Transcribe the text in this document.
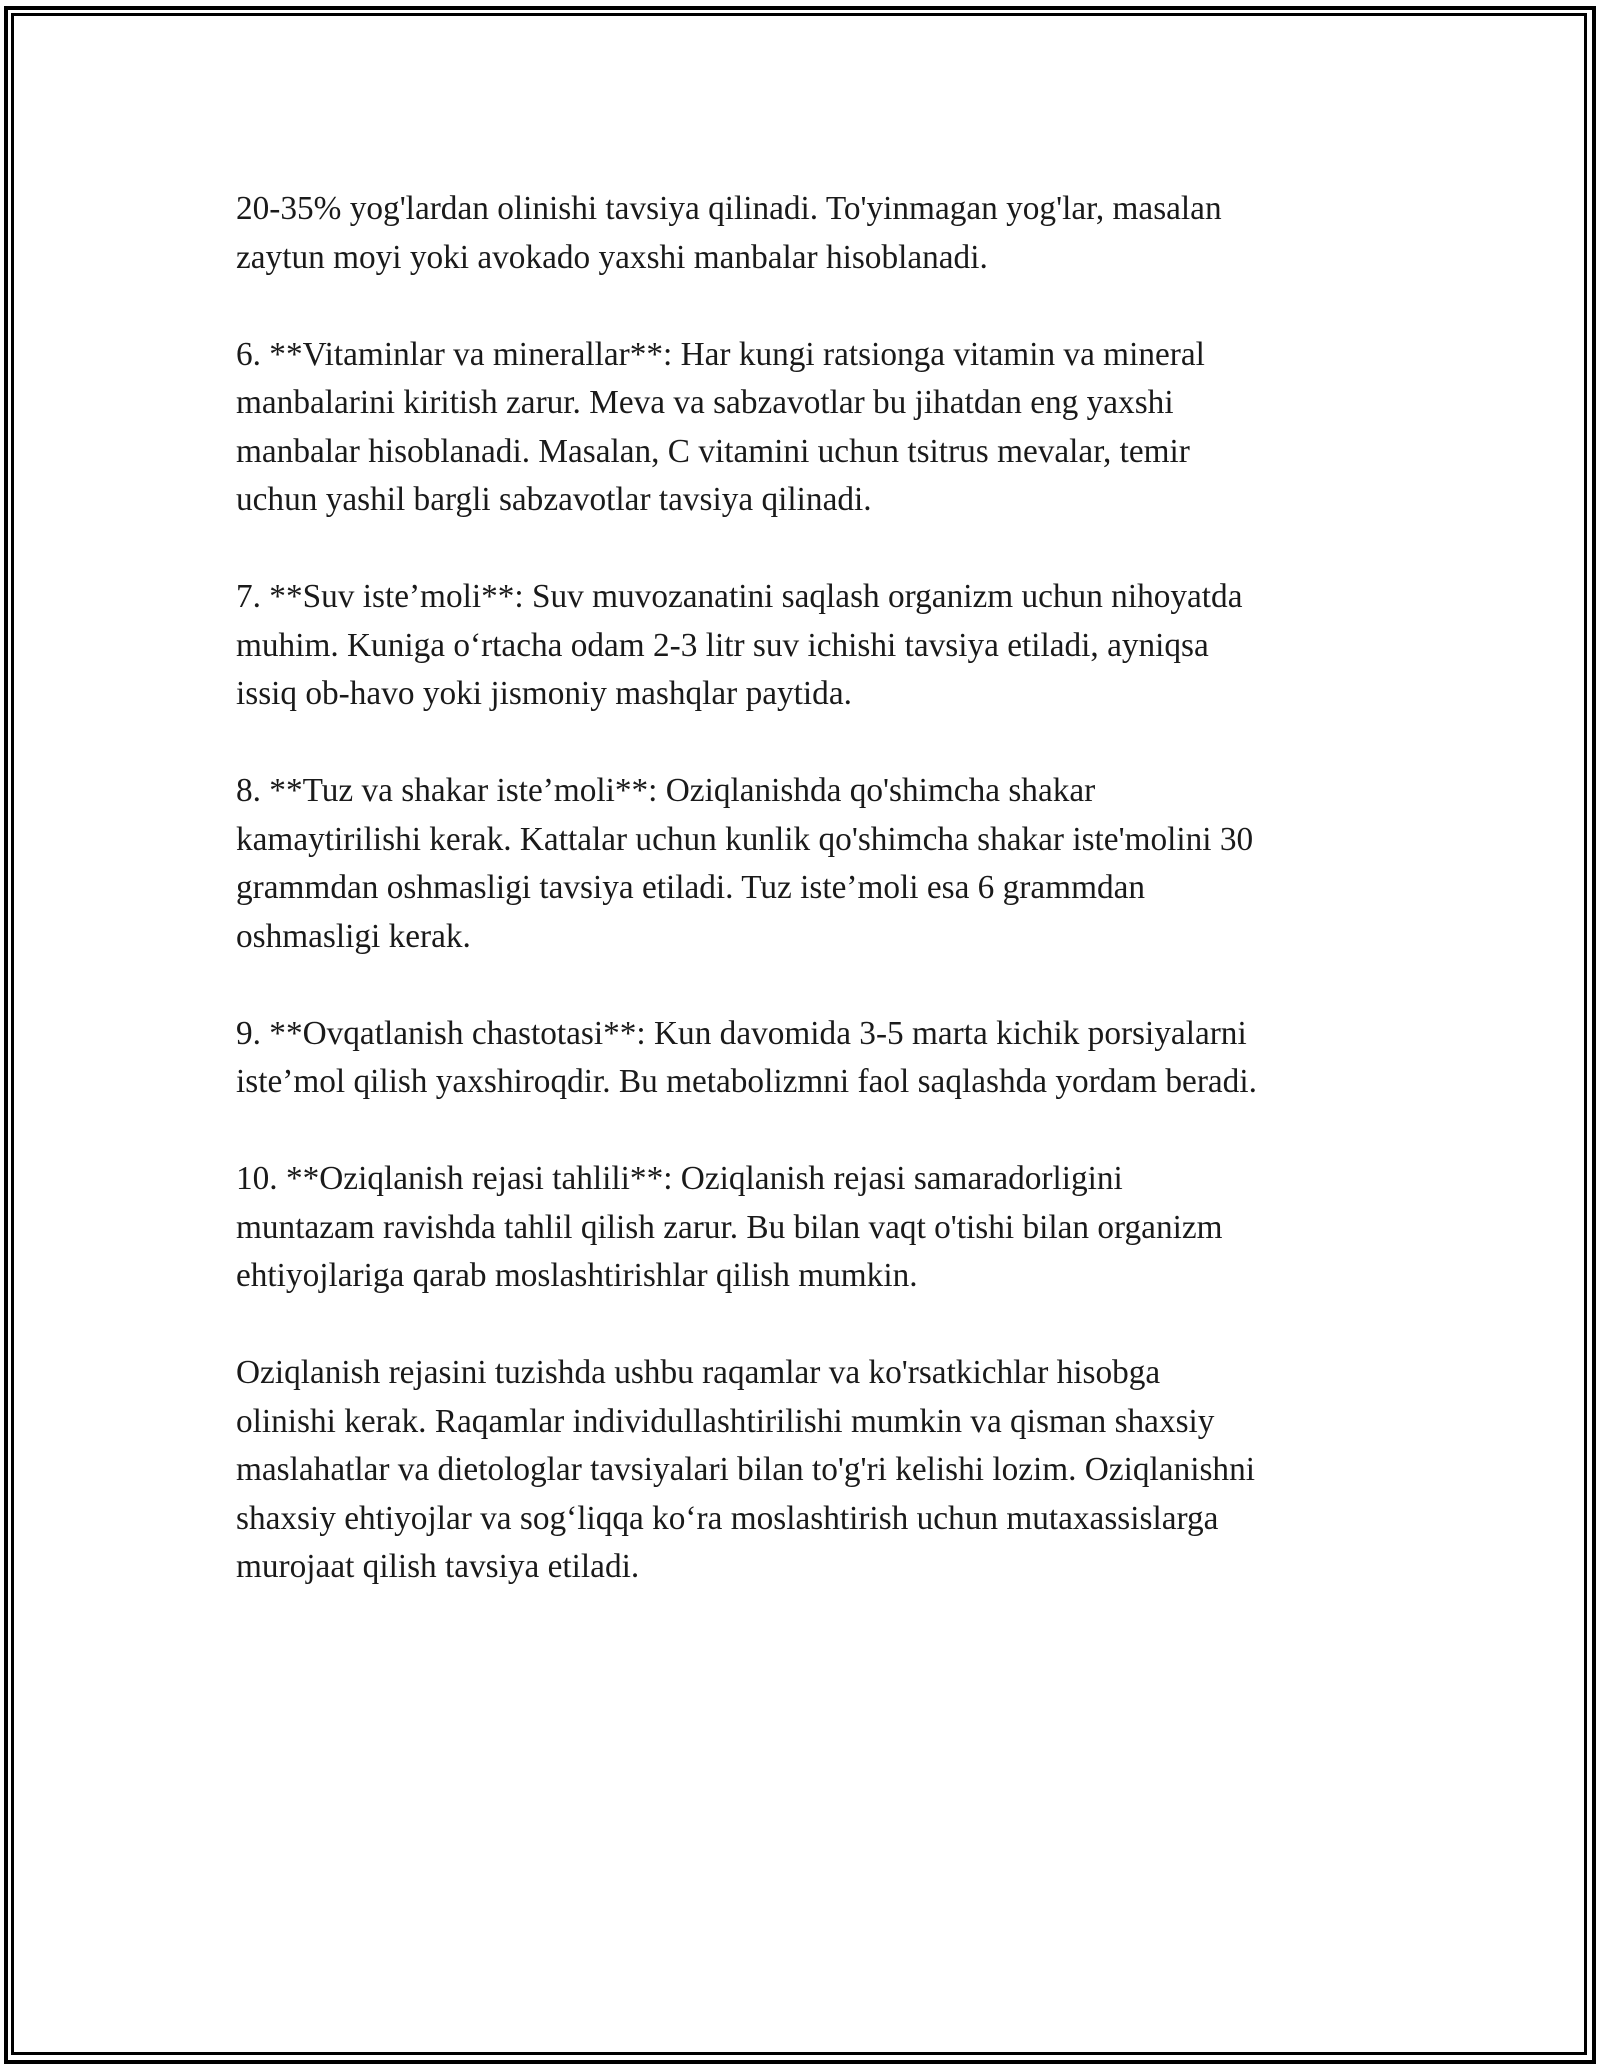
20-35% yog'lardan olinishi tavsiya qilinadi. To'yinmagan yog'lar, masalan
zaytun moyi yoki avokado yaxshi manbalar hisoblanadi.

6. **Vitaminlar va minerallar**: Har kungi ratsionga vitamin va mineral
manbalarini kiritish zarur. Meva va sabzavotlar bu jihatdan eng yaxshi
manbalar hisoblanadi. Masalan, C vitamini uchun tsitrus mevalar, temir
uchun yashil bargli sabzavotlar tavsiya qilinadi.

7. **Suv iste’moli**: Suv muvozanatini saqlash organizm uchun nihoyatda
muhim. Kuniga o‘rtacha odam 2-3 litr suv ichishi tavsiya etiladi, ayniqsa
issiq ob-havo yoki jismoniy mashqlar paytida.

8. **Tuz va shakar iste’moli**: Oziqlanishda qo'shimcha shakar
kamaytirilishi kerak. Kattalar uchun kunlik qo'shimcha shakar iste'molini 30
grammdan oshmasligi tavsiya etiladi. Tuz iste’moli esa 6 grammdan
oshmasligi kerak.

9. **Ovqatlanish chastotasi**: Kun davomida 3-5 marta kichik porsiyalarni
iste’mol qilish yaxshiroqdir. Bu metabolizmni faol saqlashda yordam beradi.

10. **Oziqlanish rejasi tahlili**: Oziqlanish rejasi samaradorligini
muntazam ravishda tahlil qilish zarur. Bu bilan vaqt o'tishi bilan organizm
ehtiyojlariga qarab moslashtirishlar qilish mumkin.

Oziqlanish rejasini tuzishda ushbu raqamlar va ko'rsatkichlar hisobga
olinishi kerak. Raqamlar individullashtirilishi mumkin va qisman shaxsiy
maslahatlar va dietologlar tavsiyalari bilan to'g'ri kelishi lozim. Oziqlanishni
shaxsiy ehtiyojlar va sog‘liqqa ko‘ra moslashtirish uchun mutaxassislarga
murojaat qilish tavsiya etiladi.
